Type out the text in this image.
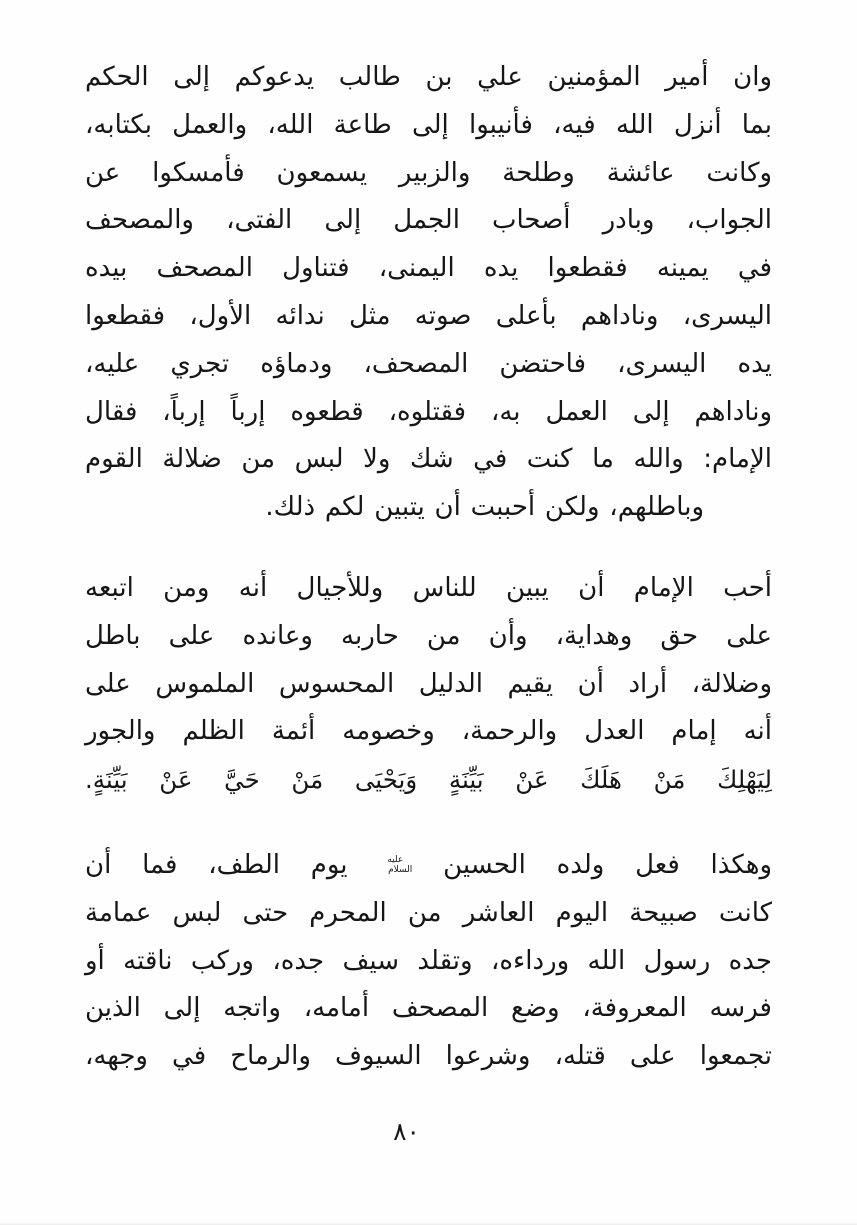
وان أمير المؤمنين علي بن طالب يدعوكم إلى الحكم
بما أنزل الله فيه، فأنيبوا إلى طاعة الله، والعمل بكتابه،
وكانت عائشة وطلحة والزبير يسمعون فأمسكوا عن
الجواب، وبادر أصحاب الجمل إلى الفتى، والمصحف
في يمينه فقطعوا يده اليمنى، فتناول المصحف بيده
اليسرى، وناداهم بأعلى صوته مثل ندائه الأول، فقطعوا
يده اليسرى، فاحتضن المصحف، ودماؤه تجري عليه،
وناداهم إلى العمل به، فقتلوه، قطعوه إرباً إرباً، فقال
الإمام: والله ما كنت في شك ولا لبس من ضلالة القوم
وباطلهم، ولكن أحببت أن يتبين لكم ذلك.
أحب الإمام أن يبين للناس وللأجيال أنه ومن اتبعه
على حق وهداية، وأن من حاربه وعانده على باطل
وضلالة، أراد أن يقيم الدليل المحسوس الملموس على
أنه إمام العدل والرحمة، وخصومه أئمة الظلم والجور
لِيَهْلِكَ مَنْ هَلَكَ عَنْ بَيِّنَةٍ وَيَحْيَى مَنْ حَيَّ عَنْ بَيِّنَةٍ.
وهكذا فعل ولده الحسين عليه السلام يوم الطف، فما أن
كانت صبيحة اليوم العاشر من المحرم حتى لبس عمامة
جده رسول الله ورداءه، وتقلد سيف جده، وركب ناقته أو
فرسه المعروفة، وضع المصحف أمامه، واتجه إلى الذين
تجمعوا على قتله، وشرعوا السيوف والرماح في وجهه،
٨٠
